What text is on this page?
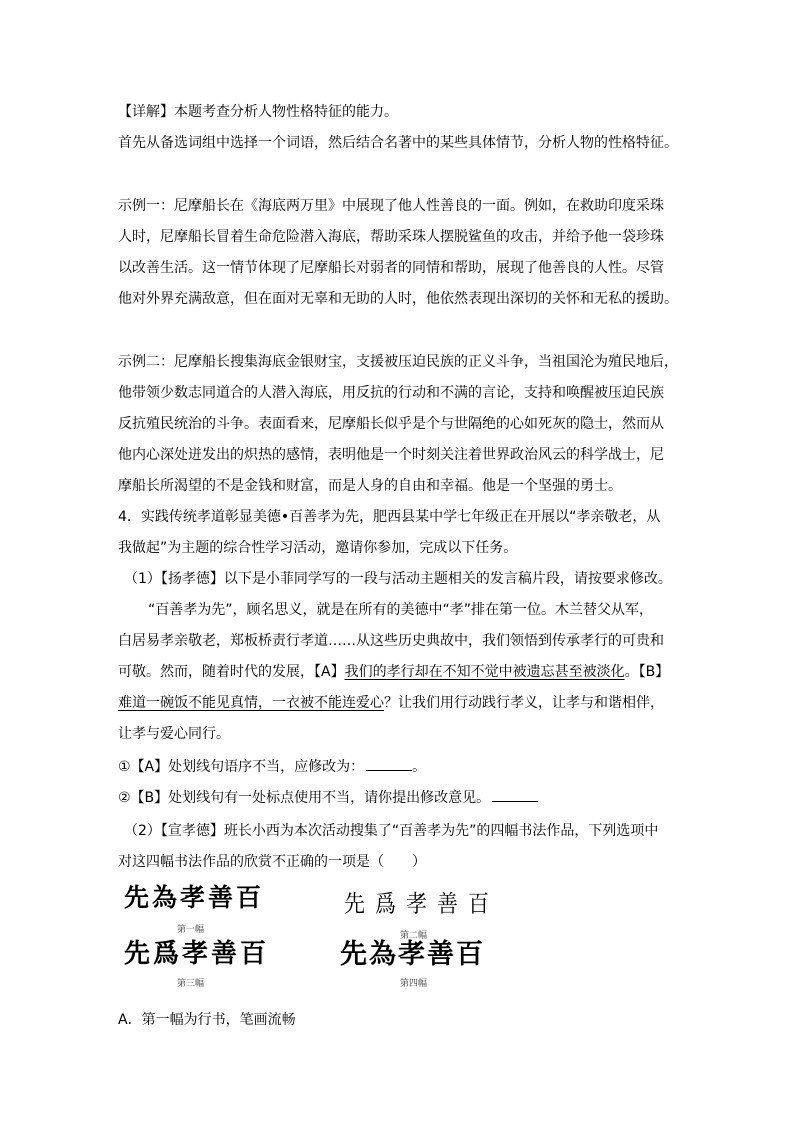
【详解】本题考查分析人物性格特征的能力。
首先从备选词组中选择一个词语，然后结合名著中的某些具体情节，分析人物的性格特征。
示例一：尼摩船长在《海底两万里》中展现了他人性善良的一面。例如，在救助印度采珠
人时，尼摩船长冒着生命危险潜入海底，帮助采珠人摆脱鲨鱼的攻击，并给予他一袋珍珠
以改善生活。这一情节体现了尼摩船长对弱者的同情和帮助，展现了他善良的人性。尽管
他对外界充满敌意，但在面对无辜和无助的人时，他依然表现出深切的关怀和无私的援助。
示例二：尼摩船长搜集海底金银财宝，支援被压迫民族的正义斗争，当祖国沦为殖民地后，
他带领少数志同道合的人潜入海底，用反抗的行动和不满的言论，支持和唤醒被压迫民族
反抗殖民统治的斗争。表面看来，尼摩船长似乎是个与世隔绝的心如死灰的隐士，然而从
他内心深处迸发出的炽热的感情，表明他是一个时刻关注着世界政治风云的科学战士，尼
摩船长所渴望的不是金钱和财富，而是人身的自由和幸福。他是一个坚强的勇士。
4．实践传统孝道彰显美德•百善孝为先，肥西县某中学七年级正在开展以“孝亲敬老，从
我做起”为主题的综合性学习活动，邀请你参加，完成以下任务。
（1）【扬孝德】以下是小菲同学写的一段与活动主题相关的发言稿片段，请按要求修改。
“百善孝为先”，顾名思义，就是在所有的美德中“孝”排在第一位。木兰替父从军，
白居易孝亲敬老，郑板桥责行孝道……从这些历史典故中，我们领悟到传承孝行的可贵和
可敬。然而，随着时代的发展，【A】我们的孝行却在不知不觉中被遗忘甚至被淡化。【B】
难道一碗饭不能见真情，一衣被不能连爱心？让我们用行动践行孝义，让孝与和谐相伴，
让孝与爱心同行。
①【A】处划线句语序不当，应修改为：	。
②【B】处划线句有一处标点使用不当，请你提出修改意见。
（2）【宣孝德】班长小西为本次活动搜集了“百善孝为先”的四幅书法作品，下列选项中
对这四幅书法作品的欣赏不正确的一项是（　　）
先為孝善百
第一幅
先爲孝善百
第二幅
先爲孝善百
第三幅
先為孝善百
第四幅
A．第一幅为行书，笔画流畅
